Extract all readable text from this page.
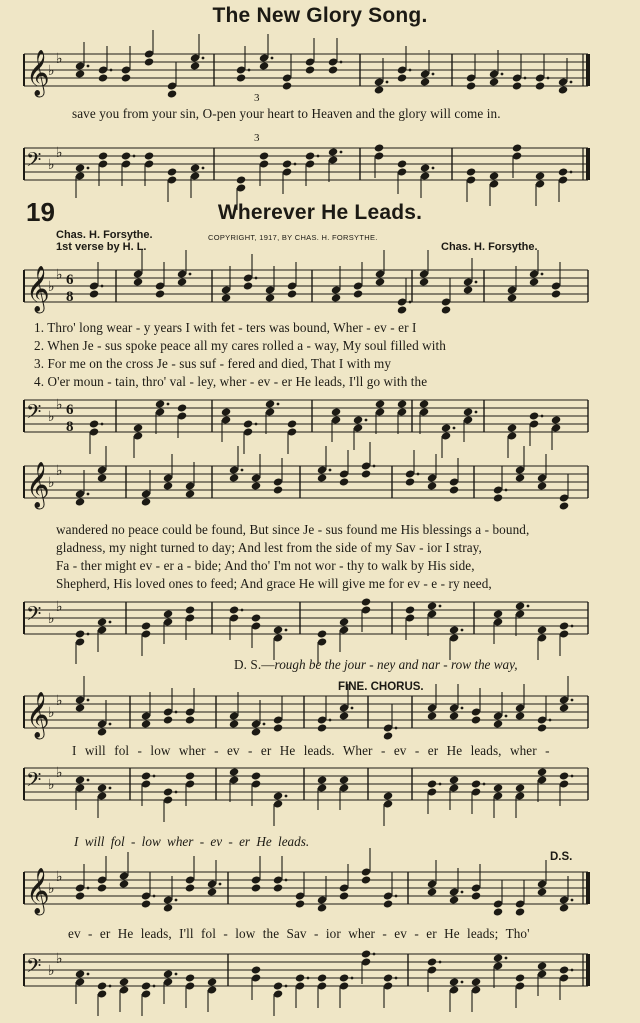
The New Glory Song.
𝄞
♭
♭
save you from your sin, O-pen your heart to Heaven and the glory will come in.
3
3
𝄢 ♭
♭
19	Wherever He Leads.
Chas. H. Forsythe.
1st verse by H. L.
COPYRIGHT, 1917, BY CHAS. H. FORSYTHE.
Chas. H. Forsythe.
𝄞
♭
♭ 6
8
1. Thro' long wear - y years I with fet - ters was bound, Wher - ev - er I
2. When Je - sus spoke peace all my cares rolled a - way, My soul filled with
3. For me on the cross Je - sus suf - fered and died, That I with my
4. O'er moun - tain, thro' val - ley, wher - ev - er He leads, I'll go with the
𝄢 ♭
♭ 6
8
𝄞
♭
♭
wandered no peace could be found, But since Je - sus found me His blessings a - bound,
gladness, my night turned to day; And lest from the side of my Sav - ior I stray,
Fa - ther might ev - er a - bide; And tho' I'm not wor - thy to walk by His side,
Shepherd, His loved ones to feed; And grace He will give me for ev - e - ry need,
𝄢 ♭
♭
D. S.—rough be the jour - ney and nar - row the way,
FINE. CHORUS.
𝄞
♭
♭
I will fol - low wher - ev - er He leads. Wher - ev - er He leads, wher -
𝄢 ♭
♭
I will fol - low wher - ev - er He leads.
D.S.
𝄞
♭
♭
ev - er He leads, I'll fol - low the Sav - ior wher - ev - er He leads; Tho'
𝄢 ♭
♭
